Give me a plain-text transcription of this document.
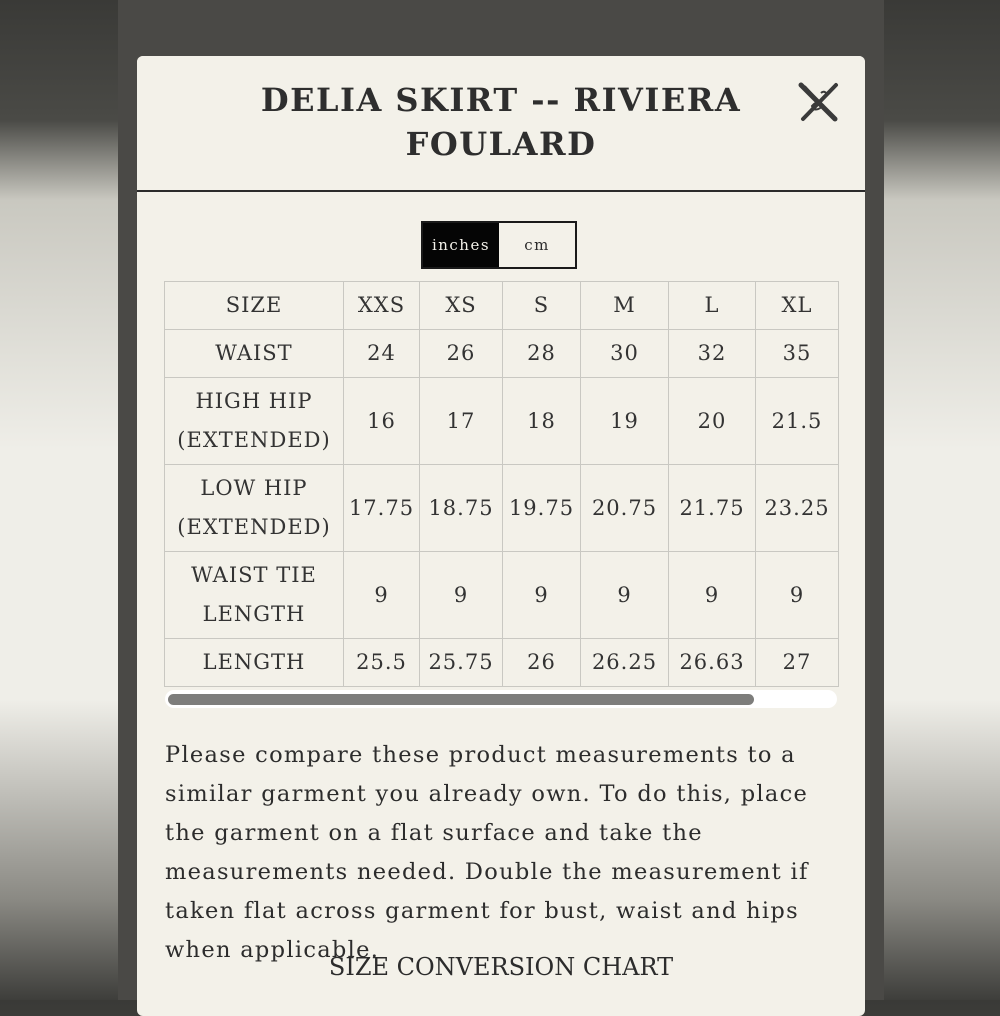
DELIA SKIRT -- RIVIERA
FOULARD
inches	cm
SIZE	XXS	XS	S	M	L	XL

WAIST	24	26	28	30	32	35

HIGH HIP
(EXTENDED)	16	17	18	19	20	21.5

LOW HIP
(EXTENDED)	17.75	18.75	19.75	20.75	21.75	23.25

WAIST TIE
LENGTH	9	9	9	9	9	9

LENGTH	25.5	25.75	26	26.25	26.63	27
Please compare these product measurements to a similar garment you already own. To do this, place the garment on a flat surface and take the measurements needed. Double the measurement if taken flat across garment for bust, waist and hips when applicable.
SIZE CONVERSION CHART
